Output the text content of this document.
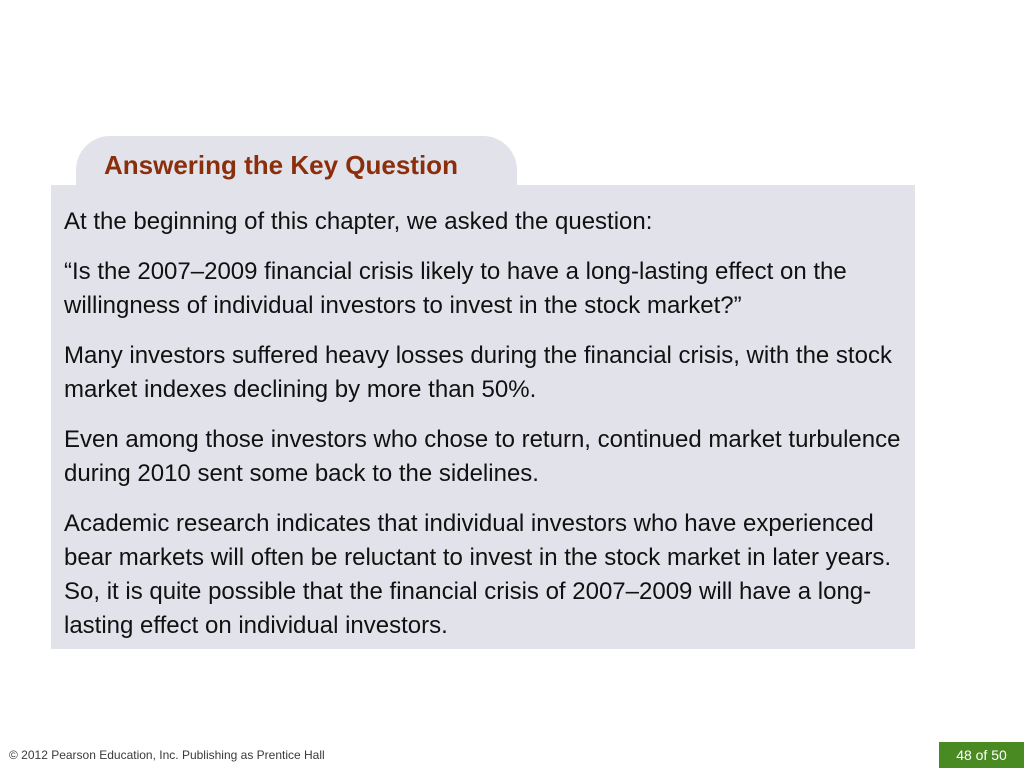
Answering the Key Question

At the beginning of this chapter, we asked the question:

“Is the 2007–2009 financial crisis likely to have a long-lasting effect on the willingness of individual investors to invest in the stock market?”

Many investors suffered heavy losses during the financial crisis, with the stock market indexes declining by more than 50%.

Even among those investors who chose to return, continued market turbulence during 2010 sent some back to the sidelines.

Academic research indicates that individual investors who have experienced bear markets will often be reluctant to invest in the stock market in later years. So, it is quite possible that the financial crisis of 2007–2009 will have a long-lasting effect on individual investors.

© 2012 Pearson Education, Inc. Publishing as Prentice Hall	48 of 50
